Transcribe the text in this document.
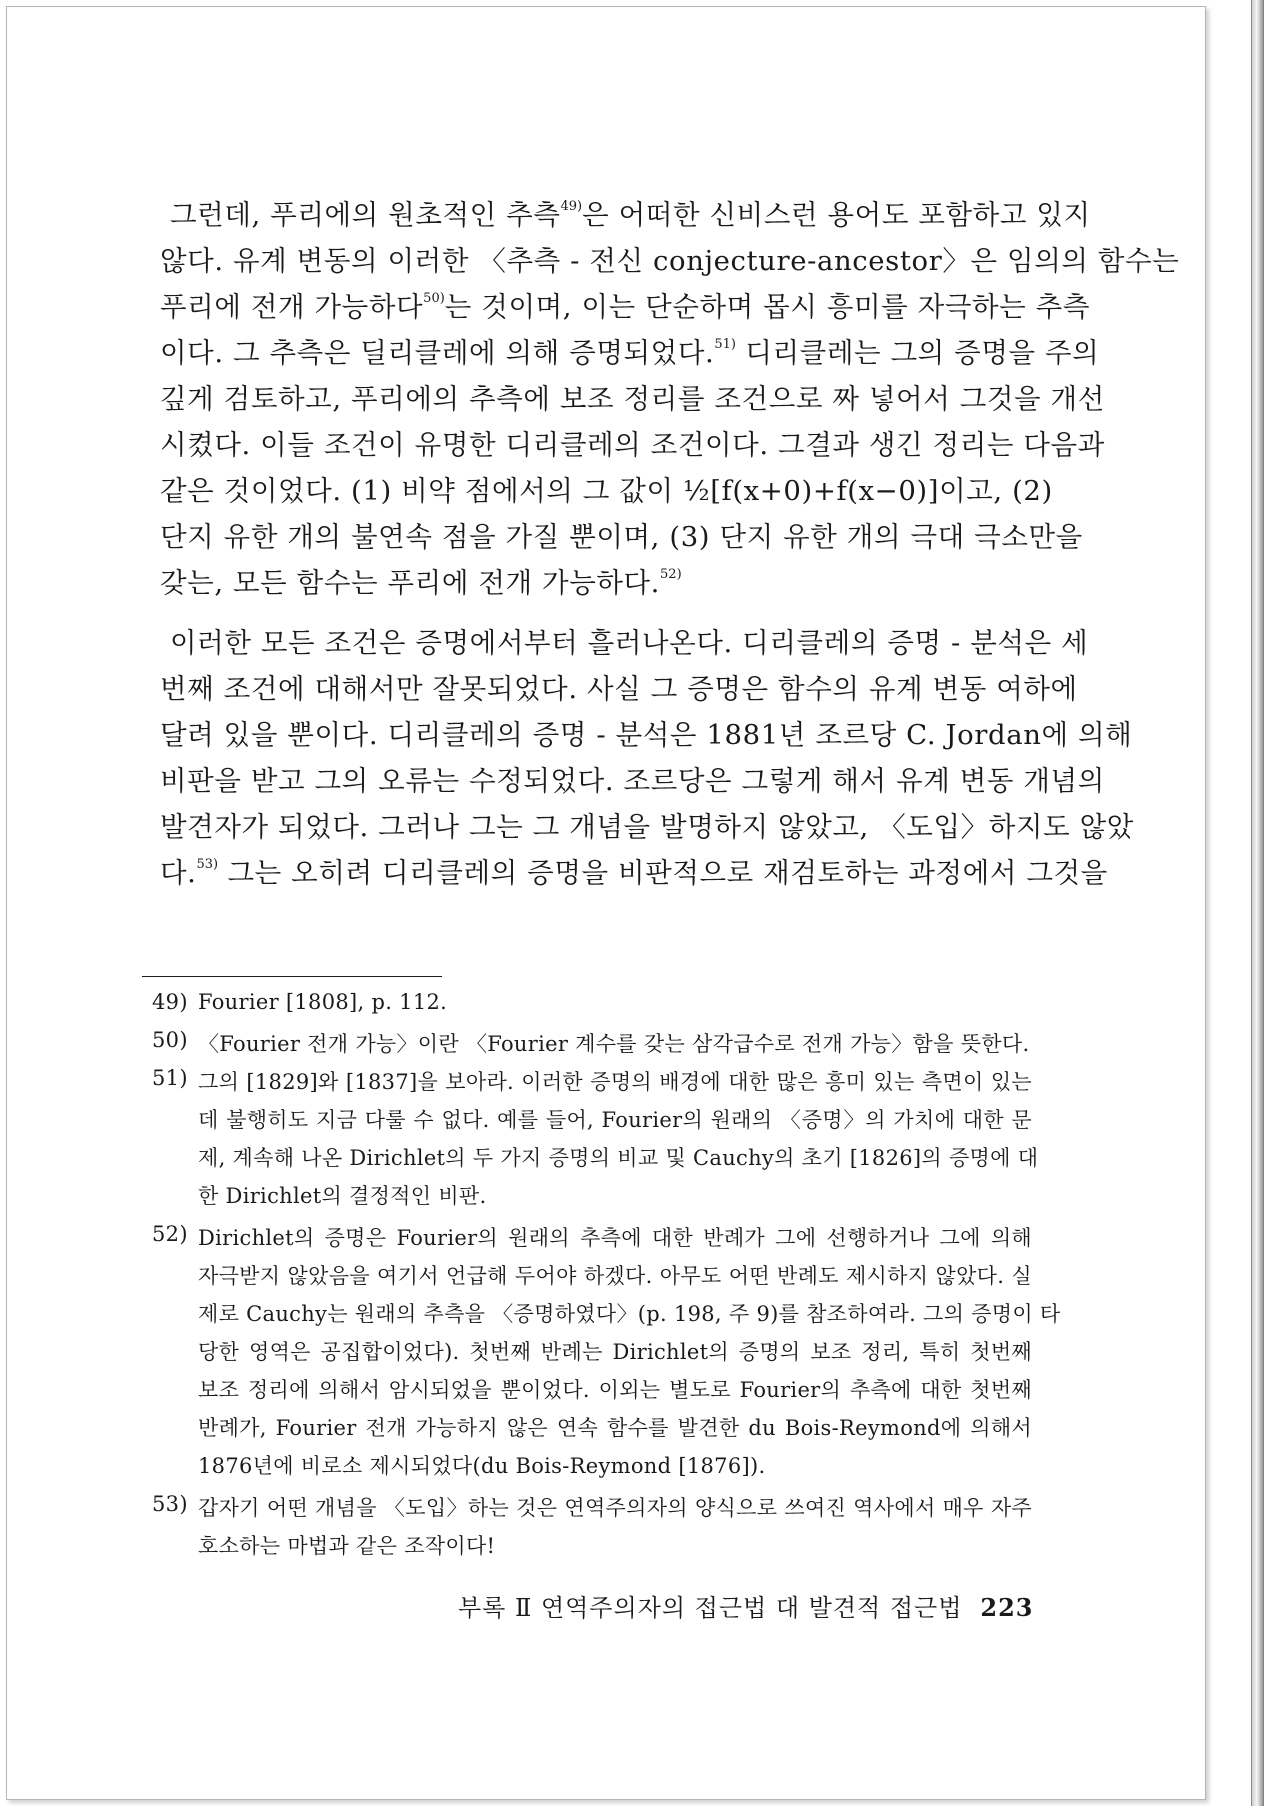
그런데, 푸리에의 원초적인 추측$^{49)}$은 어떠한 신비스런 용어도 포함하고 있지
않다. 유계 변동의 이러한 〈추측 - 전신 conjecture-ancestor〉은 임의의 함수는
푸리에 전개 가능하다$^{50)}$는 것이며, 이는 단순하며 몹시 흥미를 자극하는 추측
이다. 그 추측은 딜리클레에 의해 증명되었다.$^{51)}$ 디리클레는 그의 증명을 주의
깊게 검토하고, 푸리에의 추측에 보조 정리를 조건으로 짜 넣어서 그것을 개선
시켰다. 이들 조건이 유명한 디리클레의 조건이다. 그결과 생긴 정리는 다음과
같은 것이었다. (1) 비약 점에서의 그 값이 ½[f(x+0)+f(x−0)]이고, (2)
단지 유한 개의 불연속 점을 가질 뿐이며, (3) 단지 유한 개의 극대 극소만을
갖는, 모든 함수는 푸리에 전개 가능하다.$^{52)}$
이러한 모든 조건은 증명에서부터 흘러나온다. 디리클레의 증명 - 분석은 세
번째 조건에 대해서만 잘못되었다. 사실 그 증명은 함수의 유계 변동 여하에
달려 있을 뿐이다. 디리클레의 증명 - 분석은 1881년 조르당 C. Jordan에 의해
비판을 받고 그의 오류는 수정되었다. 조르당은 그렇게 해서 유계 변동 개념의
발견자가 되었다. 그러나 그는 그 개념을 발명하지 않았고, 〈도입〉하지도 않았
다.$^{53)}$ 그는 오히려 디리클레의 증명을 비판적으로 재검토하는 과정에서 그것을
49) Fourier [1808], p. 112.
50) 〈Fourier 전개 가능〉이란 〈Fourier 계수를 갖는 삼각급수로 전개 가능〉함을 뜻한다.
51) 그의 [1829]와 [1837]을 보아라. 이러한 증명의 배경에 대한 많은 흥미 있는 측면이 있는
데 불행히도 지금 다룰 수 없다. 예를 들어, Fourier의 원래의 〈증명〉의 가치에 대한 문
제, 계속해 나온 Dirichlet의 두 가지 증명의 비교 및 Cauchy의 초기 [1826]의 증명에 대
한 Dirichlet의 결정적인 비판.
52) Dirichlet의 증명은 Fourier의 원래의 추측에 대한 반례가 그에 선행하거나 그에 의해
자극받지 않았음을 여기서 언급해 두어야 하겠다. 아무도 어떤 반례도 제시하지 않았다. 실
제로 Cauchy는 원래의 추측을 〈증명하였다〉(p. 198, 주 9)를 참조하여라. 그의 증명이 타
당한 영역은 공집합이었다). 첫번째 반례는 Dirichlet의 증명의 보조 정리, 특히 첫번째
보조 정리에 의해서 암시되었을 뿐이었다. 이외는 별도로 Fourier의 추측에 대한 첫번째
반례가, Fourier 전개 가능하지 않은 연속 함수를 발견한 du Bois-Reymond에 의해서
1876년에 비로소 제시되었다(du Bois-Reymond [1876]).
53) 갑자기 어떤 개념을 〈도입〉하는 것은 연역주의자의 양식으로 쓰여진 역사에서 매우 자주
호소하는 마법과 같은 조작이다!
부록 Ⅱ 연역주의자의 접근법 대 발견적 접근법 223
